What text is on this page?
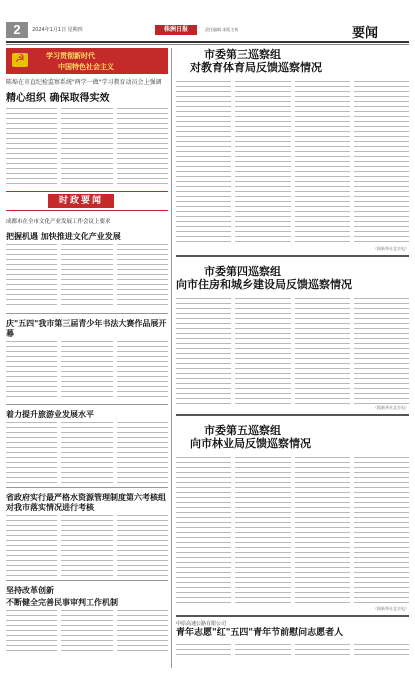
2	2024年1月1日 星期四	株洲日报	责任编辑 本版主持	要闻
☭
学习贯彻新时代
中国特色社会主义
陈埠在市直纪检监察系统"两学一做"学习教育动员会上强调
精心组织 确保取得实效
时政要闻
成都市在全市文化产业发展工作会议上要求
把握机遇 加快推进文化产业发展
庆"五四"我市第三届青少年书法大赛作品展开幕
着力提升旅游业发展水平
省政府实行最严格水资源管理制度第六考核组对我市落实情况进行考核
坚持改革创新
不断健全完善民事审判工作机制
市委第三巡察组
对教育体育局反馈巡察情况
（据新华社北京电）
市委第四巡察组
向市住房和城乡建设局反馈巡察情况
（据新华社北京电）
市委第五巡察组
向市林业局反馈巡察情况
（据新华社北京电）
中原高速公路有限公司
青年志愿"红"五四"青年节前慰问志愿者人
